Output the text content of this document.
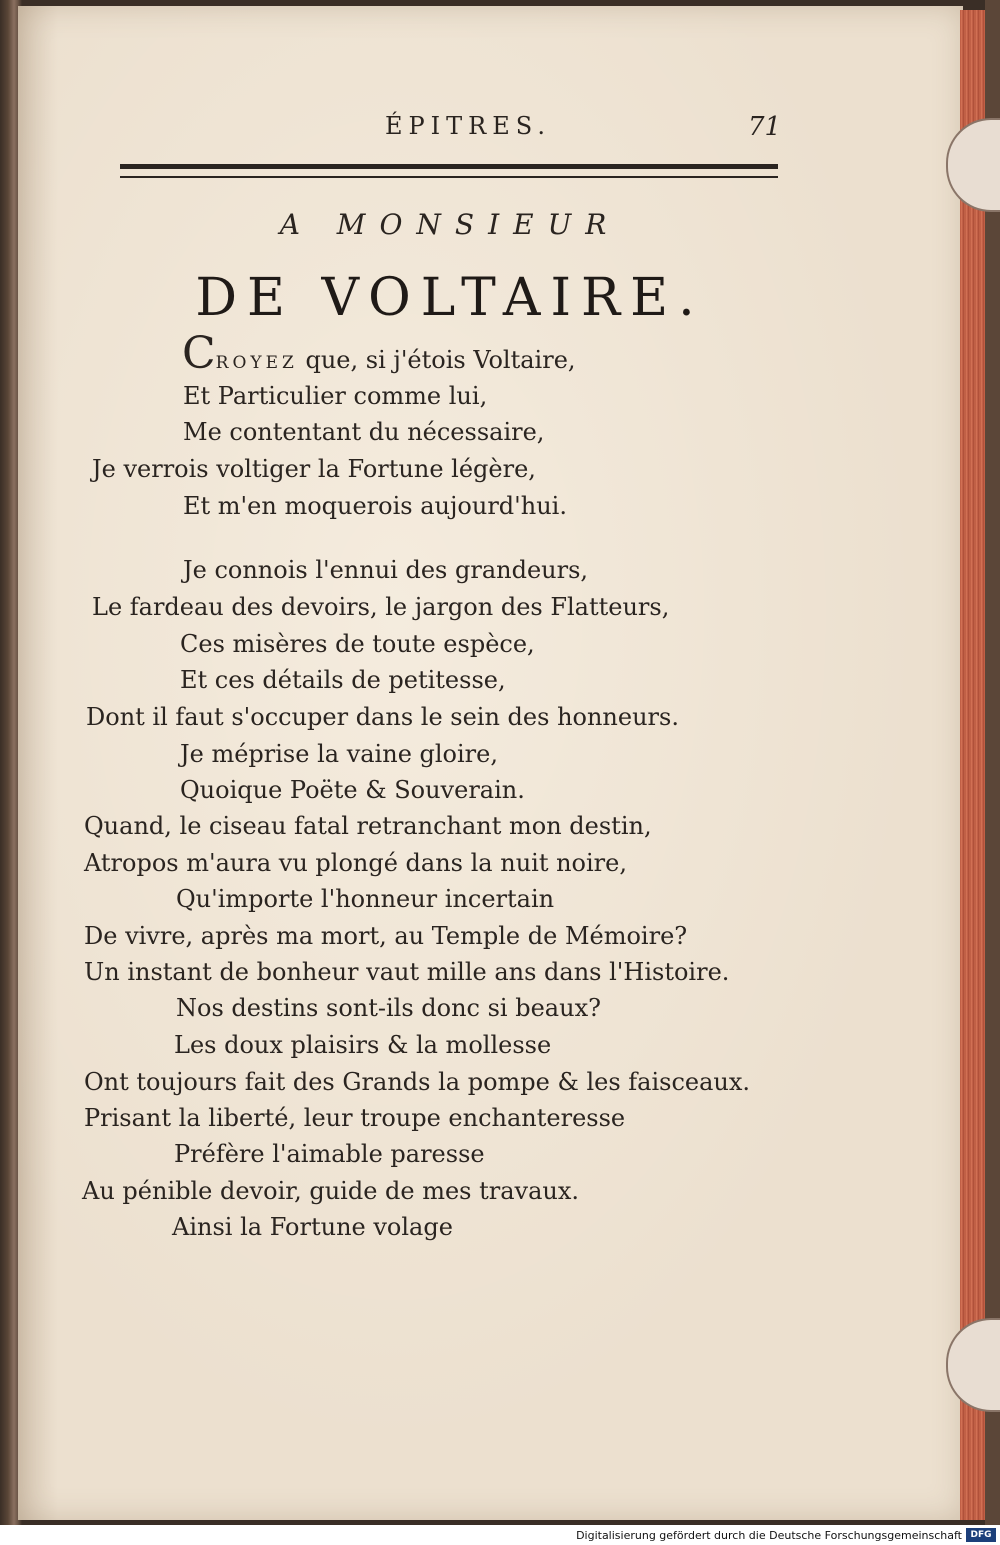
ÉPITRES.	71
A MONSIEUR
DE VOLTAIRE.
CROYEZ que, si j'étois Voltaire,
Et Particulier comme lui,
Me contentant du nécessaire,
Je verrois voltiger la Fortune légère,
Et m'en moquerois aujourd'hui.
Je connois l'ennui des grandeurs,
Le fardeau des devoirs, le jargon des Flatteurs,
Ces misères de toute espèce,
Et ces détails de petitesse,
Dont il faut s'occuper dans le sein des honneurs.
Je méprise la vaine gloire,
Quoique Poëte & Souverain.
Quand, le ciseau fatal retranchant mon destin,
Atropos m'aura vu plongé dans la nuit noire,
Qu'importe l'honneur incertain
De vivre, après ma mort, au Temple de Mémoire?
Un instant de bonheur vaut mille ans dans l'Histoire.
Nos destins sont-ils donc si beaux?
Les doux plaisirs & la mollesse
Ont toujours fait des Grands la pompe & les faisceaux.
Prisant la liberté, leur troupe enchanteresse
Préfère l'aimable paresse
Au pénible devoir, guide de mes travaux.
Ainsi la Fortune volage
Digitalisierung gefördert durch die Deutsche Forschungsgemeinschaft DFG
